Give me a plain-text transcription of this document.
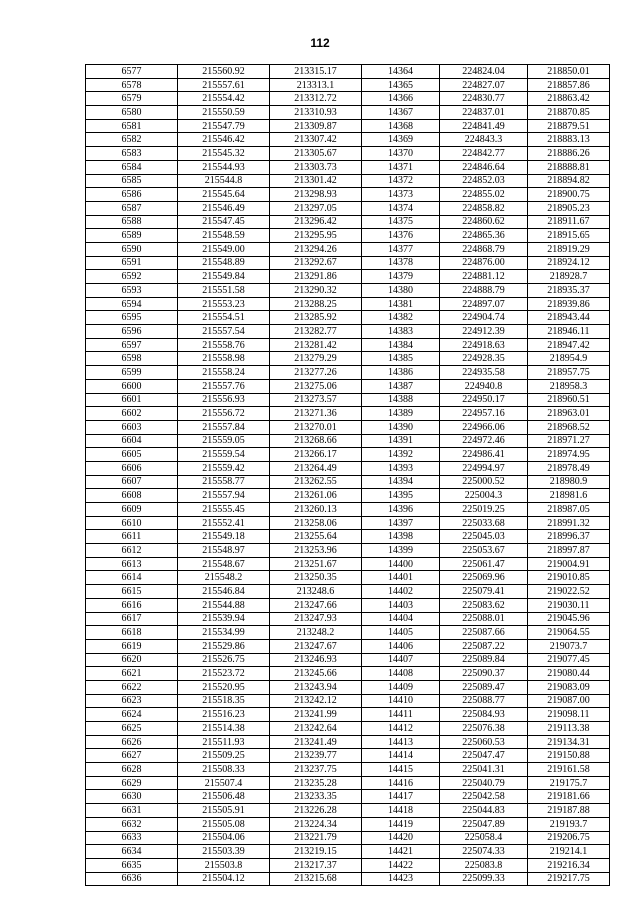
112
6577	215560.92	213315.17	14364	224824.04	218850.01
6578	215557.61	213313.1	14365	224827.07	218857.86
6579	215554.42	213312.72	14366	224830.77	218863.42
6580	215550.59	213310.93	14367	224837.01	218870.85
6581	215547.79	213309.87	14368	224841.49	218879.51
6582	215546.42	213307.42	14369	224843.3	218883.13
6583	215545.32	213305.67	14370	224842.77	218886.26
6584	215544.93	213303.73	14371	224846.64	218888.81
6585	215544.8	213301.42	14372	224852.03	218894.82
6586	215545.64	213298.93	14373	224855.02	218900.75
6587	215546.49	213297.05	14374	224858.82	218905.23
6588	215547.45	213296.42	14375	224860.62	218911.67
6589	215548.59	213295.95	14376	224865.36	218915.65
6590	215549.00	213294.26	14377	224868.79	218919.29
6591	215548.89	213292.67	14378	224876.00	218924.12
6592	215549.84	213291.86	14379	224881.12	218928.7
6593	215551.58	213290.32	14380	224888.79	218935.37
6594	215553.23	213288.25	14381	224897.07	218939.86
6595	215554.51	213285.92	14382	224904.74	218943.44
6596	215557.54	213282.77	14383	224912.39	218946.11
6597	215558.76	213281.42	14384	224918.63	218947.42
6598	215558.98	213279.29	14385	224928.35	218954.9
6599	215558.24	213277.26	14386	224935.58	218957.75
6600	215557.76	213275.06	14387	224940.8	218958.3
6601	215556.93	213273.57	14388	224950.17	218960.51
6602	215556.72	213271.36	14389	224957.16	218963.01
6603	215557.84	213270.01	14390	224966.06	218968.52
6604	215559.05	213268.66	14391	224972.46	218971.27
6605	215559.54	213266.17	14392	224986.41	218974.95
6606	215559.42	213264.49	14393	224994.97	218978.49
6607	215558.77	213262.55	14394	225000.52	218980.9
6608	215557.94	213261.06	14395	225004.3	218981.6
6609	215555.45	213260.13	14396	225019.25	218987.05
6610	215552.41	213258.06	14397	225033.68	218991.32
6611	215549.18	213255.64	14398	225045.03	218996.37
6612	215548.97	213253.96	14399	225053.67	218997.87
6613	215548.67	213251.67	14400	225061.47	219004.91
6614	215548.2	213250.35	14401	225069.96	219010.85
6615	215546.84	213248.6	14402	225079.41	219022.52
6616	215544.88	213247.66	14403	225083.62	219030.11
6617	215539.94	213247.93	14404	225088.01	219045.96
6618	215534.99	213248.2	14405	225087.66	219064.55
6619	215529.86	213247.67	14406	225087.22	219073.7
6620	215526.75	213246.93	14407	225089.84	219077.45
6621	215523.72	213245.66	14408	225090.37	219080.44
6622	215520.95	213243.94	14409	225089.47	219083.09
6623	215518.35	213242.12	14410	225088.77	219087.00
6624	215516.23	213241.99	14411	225084.93	219098.11
6625	215514.38	213242.64	14412	225076.38	219113.38
6626	215511.93	213241.49	14413	225060.53	219134.31
6627	215509.25	213239.77	14414	225047.47	219150.88
6628	215508.33	213237.75	14415	225041.31	219161.58
6629	215507.4	213235.28	14416	225040.79	219175.7
6630	215506.48	213233.35	14417	225042.58	219181.66
6631	215505.91	213226.28	14418	225044.83	219187.88
6632	215505.08	213224.34	14419	225047.89	219193.7
6633	215504.06	213221.79	14420	225058.4	219206.75
6634	215503.39	213219.15	14421	225074.33	219214.1
6635	215503.8	213217.37	14422	225083.8	219216.34
6636	215504.12	213215.68	14423	225099.33	219217.75
